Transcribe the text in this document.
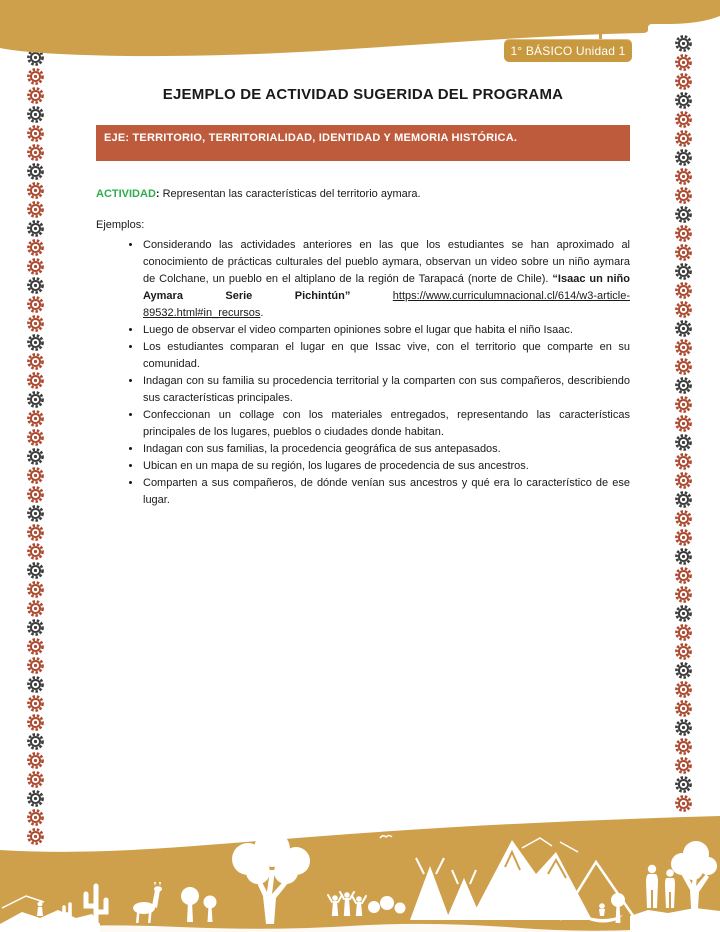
1° BÁSICO Unidad 1
EJEMPLO DE ACTIVIDAD SUGERIDA DEL PROGRAMA
EJE: TERRITORIO, TERRITORIALIDAD, IDENTIDAD Y MEMORIA HISTÓRICA.

ACTIVIDAD: Representan las características del territorio aymara.

Ejemplos:

• Considerando las actividades anteriores en las que los estudiantes se han aproximado al conocimiento de prácticas culturales del pueblo aymara, observan un video sobre un niño aymara de Colchane, un pueblo en el altiplano de la región de Tarapacá (norte de Chile). “Isaac un niño Aymara Serie Pichintún” https://www.curriculumnacional.cl/614/w3-article-89532.html#in_recursos.
• Luego de observar el video comparten opiniones sobre el lugar que habita el niño Isaac.
• Los estudiantes comparan el lugar en que Issac vive, con el territorio que comparte en su comunidad.
• Indagan con su familia su procedencia territorial y la comparten con sus compañeros, describiendo sus características principales.
• Confeccionan un collage con los materiales entregados, representando las características principales de los lugares, pueblos o ciudades donde habitan.
• Indagan con sus familias, la procedencia geográfica de sus antepasados.
• Ubican en un mapa de su región, los lugares de procedencia de sus ancestros.
• Comparten a sus compañeros, de dónde venían sus ancestros y qué era lo característico de ese lugar.
